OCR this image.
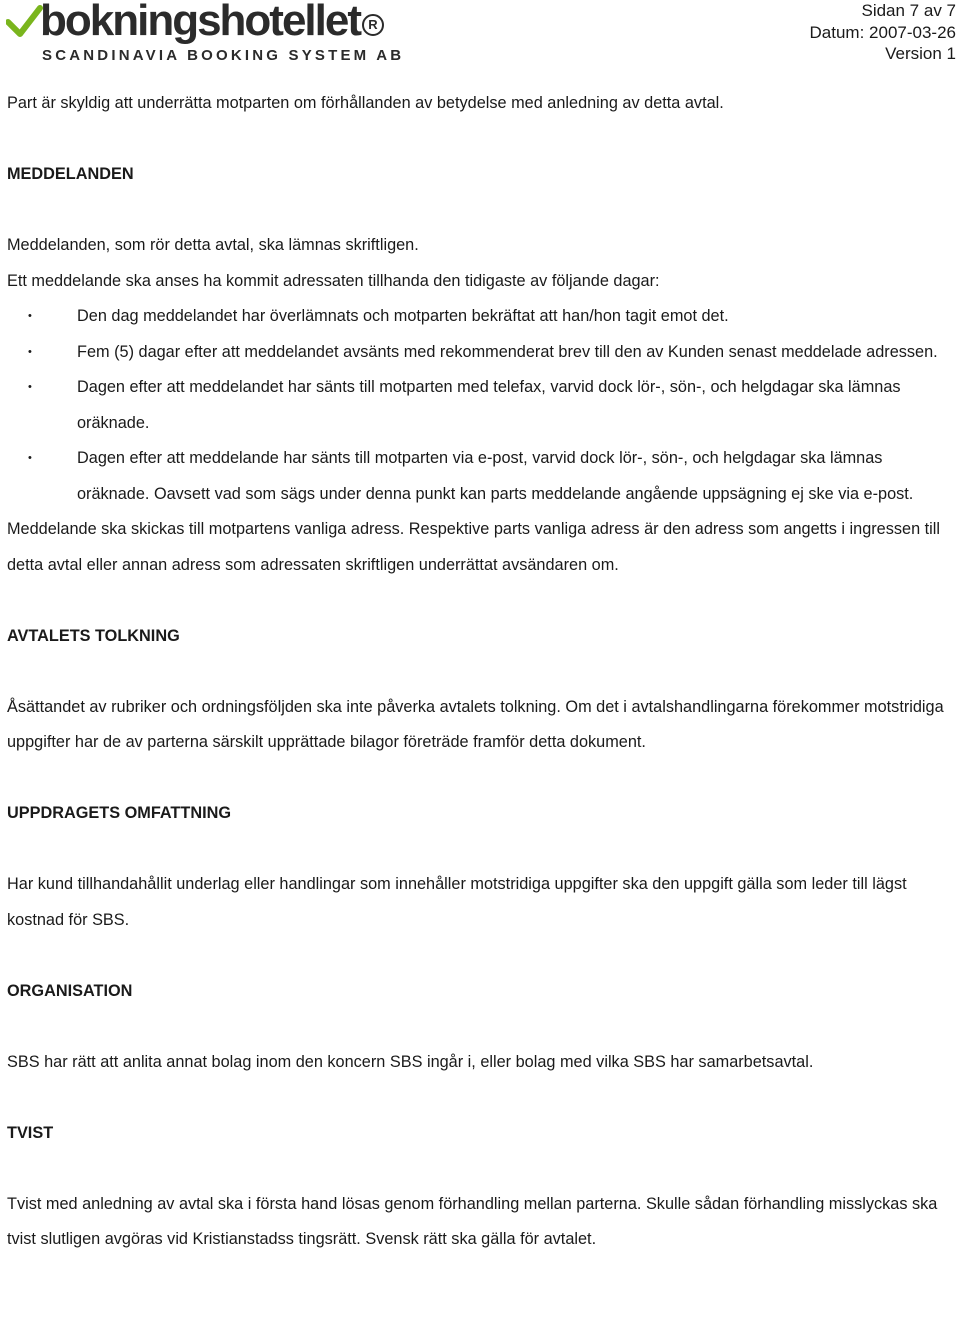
bokningshotellet R
SCANDINAVIA BOOKING SYSTEM AB
Sidan 7 av 7
Datum: 2007-03-26
Version 1

Part är skyldig att underrätta motparten om förhållanden av betydelse med anledning av detta avtal.

MEDDELANDEN

Meddelanden, som rör detta avtal, ska lämnas skriftligen.

Ett meddelande ska anses ha kommit adressaten tillhanda den tidigaste av följande dagar:

•	Den dag meddelandet har överlämnats och motparten bekräftat att han/hon tagit emot det.
•	Fem (5) dagar efter att meddelandet avsänts med rekommenderat brev till den av Kunden senast meddelade adressen.
•	Dagen efter att meddelandet har sänts till motparten med telefax, varvid dock lör-, sön-, och helgdagar ska lämnas oräknade.
•	Dagen efter att meddelande har sänts till motparten via e-post, varvid dock lör-, sön-, och helgdagar ska lämnas oräknade. Oavsett vad som sägs under denna punkt kan parts meddelande angående uppsägning ej ske via e-post.

Meddelande ska skickas till motpartens vanliga adress. Respektive parts vanliga adress är den adress som angetts i ingressen till detta avtal eller annan adress som adressaten skriftligen underrättat avsändaren om.

AVTALETS TOLKNING

Åsättandet av rubriker och ordningsföljden ska inte påverka avtalets tolkning. Om det i avtalshandlingarna förekommer motstridiga uppgifter har de av parterna särskilt upprättade bilagor företräde framför detta dokument.

UPPDRAGETS OMFATTNING

Har kund tillhandahållit underlag eller handlingar som innehåller motstridiga uppgifter ska den uppgift gälla som leder till lägst kostnad för SBS.

ORGANISATION

SBS har rätt att anlita annat bolag inom den koncern SBS ingår i, eller bolag med vilka SBS har samarbetsavtal.

TVIST

Tvist med anledning av avtal ska i första hand lösas genom förhandling mellan parterna. Skulle sådan förhandling misslyckas ska tvist slutligen avgöras vid Kristianstadss tingsrätt. Svensk rätt ska gälla för avtalet.
